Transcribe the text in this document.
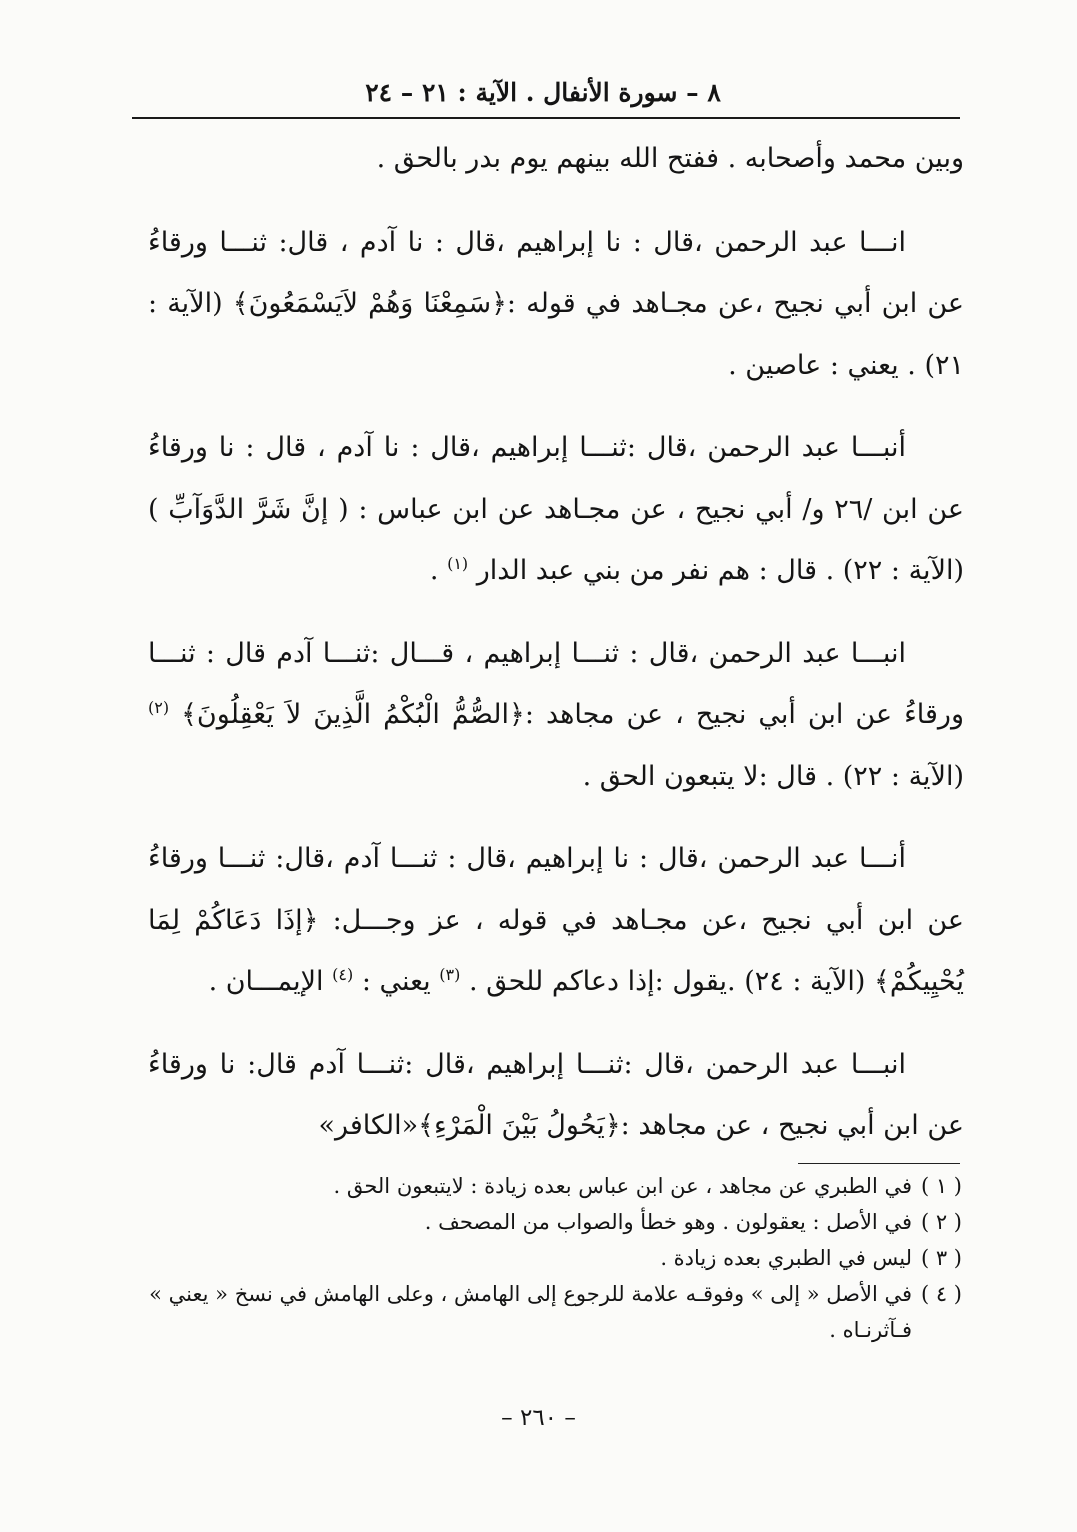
٨ – سورة الأنفال . الآية : ٢١ – ٢٤

وبين محمد وأصحابه . ففتح الله بينهم يوم بدر بالحق .

انـــا عبد الرحمن ،قال : نا إبراهيم ،قال : نا آدم ، قال: ثنـــا ورقاءُ عن ابن أبي نجيح ،عن مجـاهد في قوله :﴿سَمِعْنَا وَهُمْ لاَيَسْمَعُونَ﴾ (الآية : ٢١) . يعني : عاصين .

أنبـــا عبد الرحمن ،قال :ثنـــا إبراهيم ،قال : نا آدم ، قال : نا ورقاءُ عن ابن /٢٦ و/ أبي نجيح ، عن مجـاهد عن ابن عباس : ( إنَّ شَرَّ الدَّوَآبِّ ) (الآية : ٢٢) . قال : هم نفر من بني عبد الدار $^{(١)}$ .

انبـــا عبد الرحمن ،قال : ثنـــا إبراهيم ، قـــال :ثنـــا آدم قال : ثنـــا ورقاءُ عن ابن أبي نجيح ، عن مجاهد :﴿الصُّمُّ الْبُكْمُ الَّذِينَ لاَ يَعْقِلُونَ﴾ $^{(٢)}$ (الآية : ٢٢) . قال :لا يتبعون الحق .

أنـــا عبد الرحمن ،قال : نا إبراهيم ،قال : ثنـــا آدم ،قال: ثنـــا ورقاءُ عن ابن أبي نجيح ،عن مجـاهد في قوله ، عز وجـــل: ﴿إذَا دَعَاكُمْ لِمَا يُحْيِيكُمْ﴾ (الآية : ٢٤) .يقول :إذا دعاكم للحق . $^{(٣)}$ يعني : $^{(٤)}$ الإيمـــان .

انبـــا عبد الرحمن ،قال :ثنـــا إبراهيم ،قال :ثنـــا آدم قال: نا ورقاءُ عن ابن أبي نجيح ، عن مجاهد :﴿يَحُولُ بَيْنَ الْمَرْءِ﴾«الكافر»

( ١ )
في الطبري عن مجاهد ، عن ابن عباس بعده زيادة : لايتبعون الحق .
( ٢ )
في الأصل : يعقولون . وهو خطأ والصواب من المصحف .
( ٣ )
ليس في الطبري بعده زيادة .
( ٤ )
في الأصل « إلى » وفوقـه علامة للرجوع إلى الهامش ، وعلى الهامش في نسخ « يعني » فـآثرنـاه .
– ٢٦٠ –
